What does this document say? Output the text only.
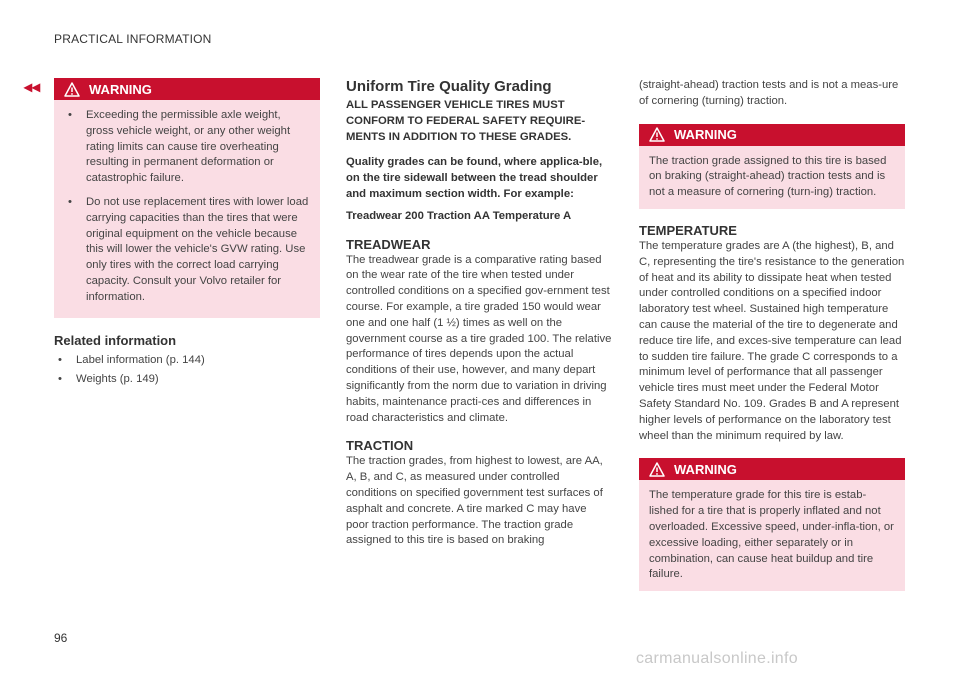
PRACTICAL INFORMATION
◂◂	WARNING
• Exceeding the permissible axle weight, gross vehicle weight, or any other weight rating limits can cause tire overheating resulting in permanent deformation or catastrophic failure.
• Do not use replacement tires with lower load carrying capacities than the tires that were original equipment on the vehicle because this will lower the vehicle's GVW rating. Use only tires with the correct load carrying capacity. Consult your Volvo retailer for information.
Related information
• Label information (p. 144)
• Weights (p. 149)
Uniform Tire Quality Grading

ALL PASSENGER VEHICLE TIRES MUST CONFORM TO FEDERAL SAFETY REQUIRE-MENTS IN ADDITION TO THESE GRADES.

Quality grades can be found, where applica-ble, on the tire sidewall between the tread shoulder and maximum section width. For example:

Treadwear 200 Traction AA Temperature A

TREADWEAR

The treadwear grade is a comparative rating based on the wear rate of the tire when tested under controlled conditions on a specified gov-ernment test course. For example, a tire graded 150 would wear one and one half (1 ½) times as well on the government course as a tire graded 100. The relative performance of tires depends upon the actual conditions of their use, however, and many depart significantly from the norm due to variation in driving habits, maintenance practi-ces and differences in road characteristics and climate.

TRACTION

The traction grades, from highest to lowest, are AA, A, B, and C, as measured under controlled conditions on specified government test surfaces of asphalt and concrete. A tire marked C may have poor traction performance. The traction grade assigned to this tire is based on braking

(straight-ahead) traction tests and is not a meas-ure of cornering (turning) traction.

WARNING
The traction grade assigned to this tire is based on braking (straight-ahead) traction tests and is not a measure of cornering (turn-ing) traction.
TEMPERATURE

The temperature grades are A (the highest), B, and C, representing the tire's resistance to the generation of heat and its ability to dissipate heat when tested under controlled conditions on a specified indoor laboratory test wheel. Sustained high temperature can cause the material of the tire to degenerate and reduce tire life, and exces-sive temperature can lead to sudden tire failure. The grade C corresponds to a minimum level of performance that all passenger vehicle tires must meet under the Federal Motor Safety Standard No. 109. Grades B and A represent higher levels of performance on the laboratory test wheel than the minimum required by law.

WARNING
The temperature grade for this tire is estab-lished for a tire that is properly inflated and not overloaded. Excessive speed, under-infla-tion, or excessive loading, either separately or in combination, can cause heat buildup and tire failure.
96
carmanualsonline.info
